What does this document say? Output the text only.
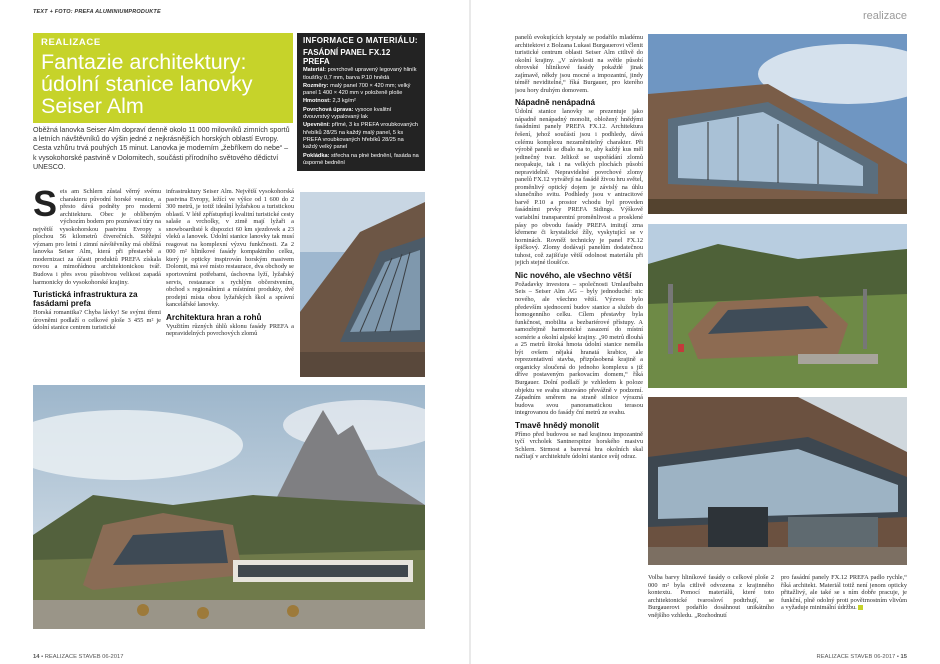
TEXT + FOTO: PREFA ALUMINIUMPRODUKTE
REALIZACE
Fantazie architektury: údolní stanice lanovky Seiser Alm
Oběžná lanovka Seiser Alm dopraví denně okolo 11 000 milovníků zimních sportů a letních návštěvníků do výšin jedné z nejkrásnějších horských oblastí Evropy. Cesta vzhůru trvá pouhých 15 minut. Lanovka je moderním „žebříkem do nebe“ – k vysokohorské pastvině v Dolomitech, součásti přírodního světového dědictví UNESCO.
INFORMACE O MATERIÁLU:
FASÁDNÍ PANEL FX.12 PREFA

Materiál: povrchově upravený legovaný hliník tloušťky 0,7 mm, barva P.10 hnědá

Rozměry: malý panel 700 × 420 mm; velký panel 1 400 × 420 mm v položeně ploše

Hmotnost: 2,3 kg/m²

Povrchová úprava: vysoce kvalitní dvouvrstvý vypalovaný lak

Upevnění: přímé, 3 ks PREFA vroubkovaných hřebíků 28/25 na každý malý panel, 5 ks PREFA vroubkovaných hřebíků 28/25 na každý velký panel

Pokládka: střecha na plné bednění, fasáda na úsporné bednění

S eis am Schlern zůstal věrný svému charakteru původní horské vesnice, a přesto dává podněty pro moderní architekturu. Obec je oblíbeným výchozím bodem pro poznávací túry na největší vysokohorskou pastvinu Evropy s plochou 56 kilometrů čtverečních. Stěžejní význam pro letní i zimní návštěvníky má oběžná lanovka Seiser Alm, která při přestavbě a modernizaci za účasti produktů PREFA získala novou a mimořádnou architektonickou tvář. Budova i přes svou působivou velikost zapadá harmonicky do vysokohorské krajiny.

Turistická infrastruktura za fasádami prefa

Horská romantika? Chyba lávky! Se svými třemi úrovněmi podlaží o celkové ploše 3 455 m² je údolní stanice centrem turistické

infrastruktury Seiser Alm. Největší vysokohorská pastvina Evropy, ležící ve výšce od 1 600 do 2 300 metrů, je totiž ideální lyžařskou a turistickou oblastí. V létě zpřístupňují kvalitní turistické cesty salaše a vrcholky, v zimě mají lyžaři a snowboardisté k dispozici 60 km sjezdovek a 23 vleků a lanovek. Údolní stanice lanovky tak musí reagovat na komplexní výzvu funkčnosti. Za 2 000 m² hliníkové fasády kompaktního celku, který je opticky inspirován horským masivem Dolomit, má své místo restaurace, dva obchody se sportovními potřebami, úschovna lyží, lyžařský servis, restaurace s rychlým občerstvením, obchod s regionálními a místními produkty, dvě prodejní místa obou lyžařských škol a správní kancelářské lanovky.

Architektura hran a rohů

Využitím různých úhlů sklonu fasády PREFA a nepravidelných povrchových zlomů

14 • REALIZACE STAVEB 06-2017
realizace

panelů evokujících krystaly se podařilo mladému architektovi z Bolzana Lukasi Burgauerovi včlenit turistické centrum oblasti Seiser Alm citlivě do okolní krajiny. „V závislosti na světle působí obrovské hliníkové fasády pokaždé jinak zajímavě, někdy jsou mocné a impozantní, jindy téměř neviditelné,“ říká Burgauer, pro kterého jsou hory druhým domovem.

Nápadně nenápadná

Údolní stanice lanovky se prezentuje jako nápadně nenápadný monolit, obložený hnědými fasádními panely PREFA FX.12. Architektura řešení, jehož součástí jsou i podhledy, dává celému komplexu nezaměnitelný charakter. Při výrobě panelů se dbalo na to, aby každý kus měl jedinečný tvar. Jelikož se uspořádání zlomů neopakuje, tak i na velkých plochách působí nepravidelně. Nepravidelné povrchové zlomy panelů FX.12 vytvářejí na fasádě živou hru světel, proměnlivý optický dojem je závislý na úhlu slunečního svitu. Podhledy jsou v antracitové barvě P.10 a prostor vchodu byl proveden fasádními prvky PREFA Sidings. Výškově variabilní transparentní proměnlivost a prosklené pásy po obvodu fasády PREFA imitují zrna křemene či krystalické žíly, vyskytující se v horninách. Rovněž technicky je panel FX.12 špičkový. Zlomy dodávají panelům dodatečnou tuhost, což zajišťuje větší odolnost materiálu při jejich stejné tloušťce.

Nic nového, ale všechno větší

Požadavky investora – společnosti Umlaufbahn Seis – Seiser Alm AG – byly jednoduché: nic nového, ale všechno větší. Výzvou bylo především sjednocení budov stanice a služeb do homogenního celku. Cílem přestavby byla funkčnost, mobilita a bezbariérové přístupy. A samozřejmě harmonické zasazení do místní scenérie a okolní alpské krajiny. „90 metrů dlouhá a 25 metrů široká hmota údolní stanice neměla být ovšem nějaká hranatá krabice, ale reprezentativní stavba, přizpůsobená krajině a organicky sloučená do jednoho komplexu s již dříve postaveným parkovacím domem,“ říká Burgauer. Dolní podlaží je vzhledem k poloze objektu ve svahu situováno převážně v podzemí. Západním směrem na straně silnice výrazná budova svou panoramatickou terasou integrovanou do fasády ční metrů ze svahu.

Tmavě hnědý monolit

Přímo před budovou se nad krajinou impozantně tyčí vrcholek Santnerspitze horského masivu Schlern. Strmost a barevná hra okolních skal načítají v architektuře údolní stanice svůj odraz.

Volba barvy hliníkové fasády o celkové ploše 2 000 m² byla citlivě odvozena z krajinného kontextu. Pomocí materiálů, které toto architektonické tvarosloví podtrhují, se Burgauerovi podařilo dosáhnout unikátního vnějšího vzhledu. „Rozhodnutí

pro fasádní panely FX.12 PREFA padlo rychle,“ říká architekt. Materiál totiž není jenom opticky přitažlivý, ale také se s ním dobře pracuje, je funkční, plně odolný proti povětrnostním vlivům a vyžaduje minimální údržbu.

REALIZACE STAVEB 06-2017 • 15
